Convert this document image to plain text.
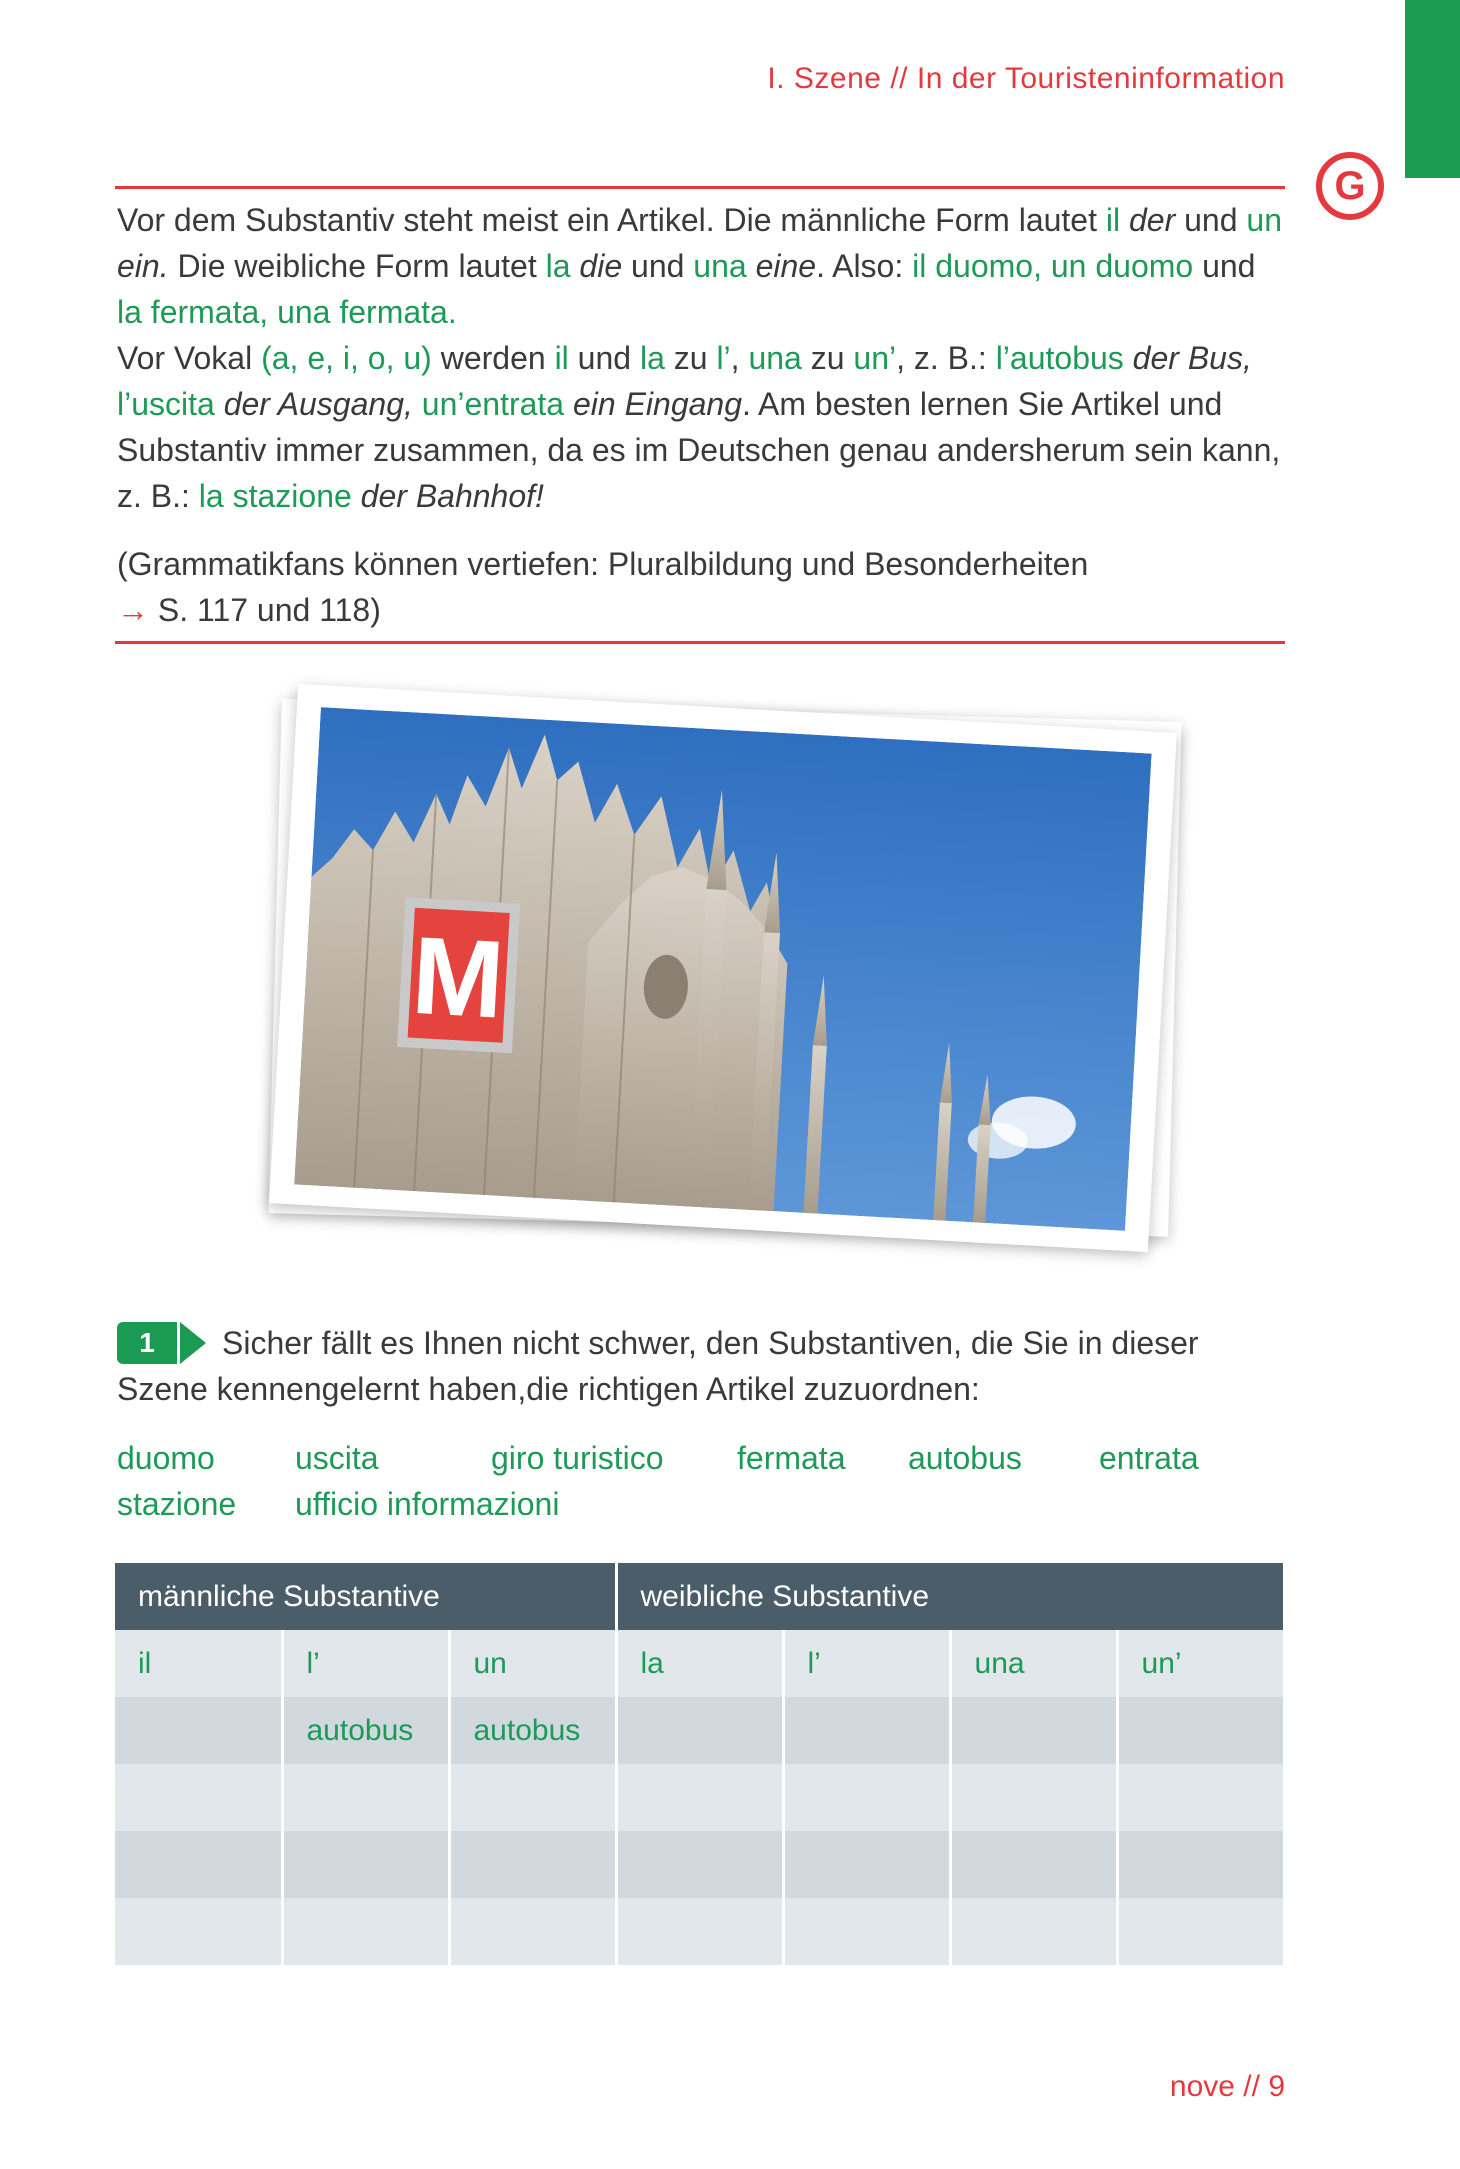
I. Szene // In der Touristeninformation
G

Vor dem Substantiv steht meist ein Artikel. Die männliche Form lautet il der und un ein. Die weibliche Form lautet la die und una eine. Also: il duomo, un duomo und la fermata, una fermata.

Vor Vokal (a, e, i, o, u) werden il und la zu l’, una zu un’, z. B.: l’autobus der Bus, l’uscita der Ausgang, un’entrata ein Eingang. Am besten lernen Sie Artikel und Substantiv immer zusammen, da es im Deutschen genau andersherum sein kann, z. B.: la stazione der Bahnhof!

(Grammatikfans können vertiefen: Pluralbildung und Besonderheiten
→ S. 117 und 118)

M
1	Sicher fällt es Ihnen nicht schwer, den Substantiven, die Sie in dieser Szene kennengelernt haben,die richtigen Artikel zuzuordnen:
duomo	uscita	giro turistico fermata autobus entrata
stazione ufficio informazioni
männliche Substantive			weibliche Substantive			
il	l’	un	la	l’	una	un’
	autobus	autobus				

nove // 9
